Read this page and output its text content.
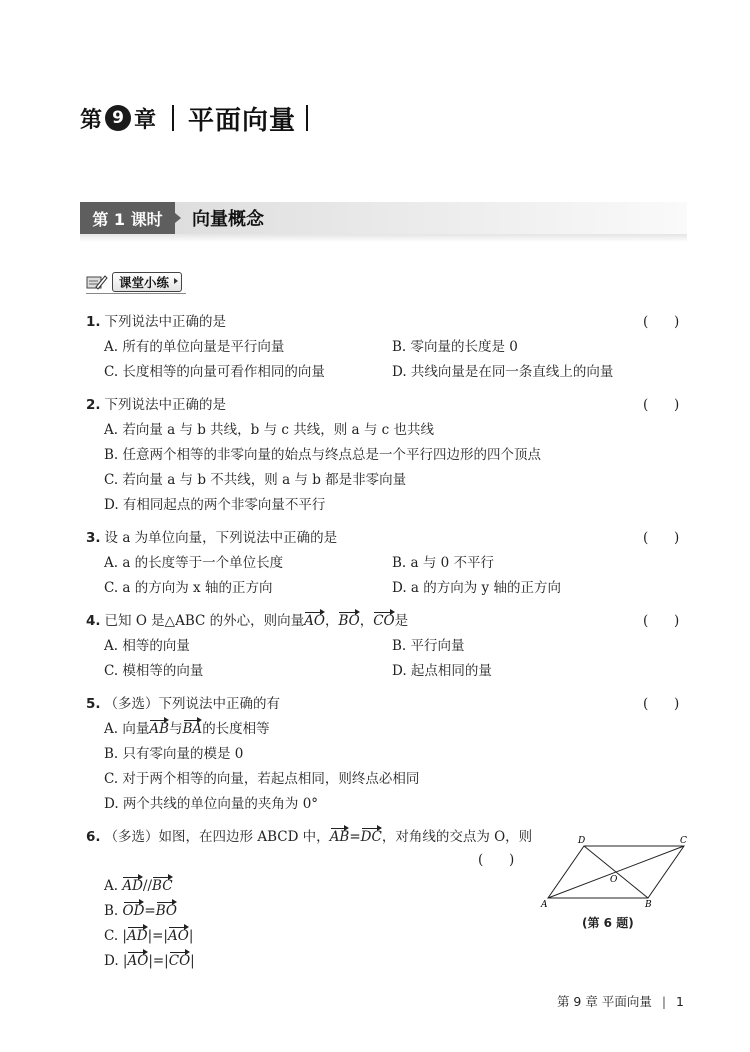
第 9 章 平面向量
第 1 课时	向量概念
课堂小练
1. 下列说法中正确的是	(      )
A. 所有的单位向量是平行向量	B. 零向量的长度是 0
C. 长度相等的向量可看作相同的向量	D. 共线向量是在同一条直线上的向量
2. 下列说法中正确的是	(      )
A. 若向量 a 与 b 共线，b 与 c 共线，则 a 与 c 也共线
B. 任意两个相等的非零向量的始点与终点总是一个平行四边形的四个顶点
C. 若向量 a 与 b 不共线，则 a 与 b 都是非零向量
D. 有相同起点的两个非零向量不平行
3. 设 a 为单位向量，下列说法中正确的是	(      )
A. a 的长度等于一个单位长度	B. a 与 0 不平行
C. a 的方向为 x 轴的正方向	D. a 的方向为 y 轴的正方向
4. 已知 O 是△ABC 的外心，则向量AO，BO，CO是	(      )
A. 相等的向量	B. 平行向量
C. 模相等的向量	D. 起点相同的量
5. （多选）下列说法中正确的有	(      )
A. 向量AB与BA的长度相等
B. 只有零向量的模是 0
C. 对于两个相等的向量，若起点相同，则终点必相同
D. 两个共线的单位向量的夹角为 0°
6. （多选）如图，在四边形 ABCD 中，AB=DC，对角线的交点为 O，则
(      )
A. AD//BC
B. OD=BO
C. |AD|=|AO|
D. |AO|=|CO|
A	B
C
D
O
(第 6 题)
第 9 章 平面向量 | 1
